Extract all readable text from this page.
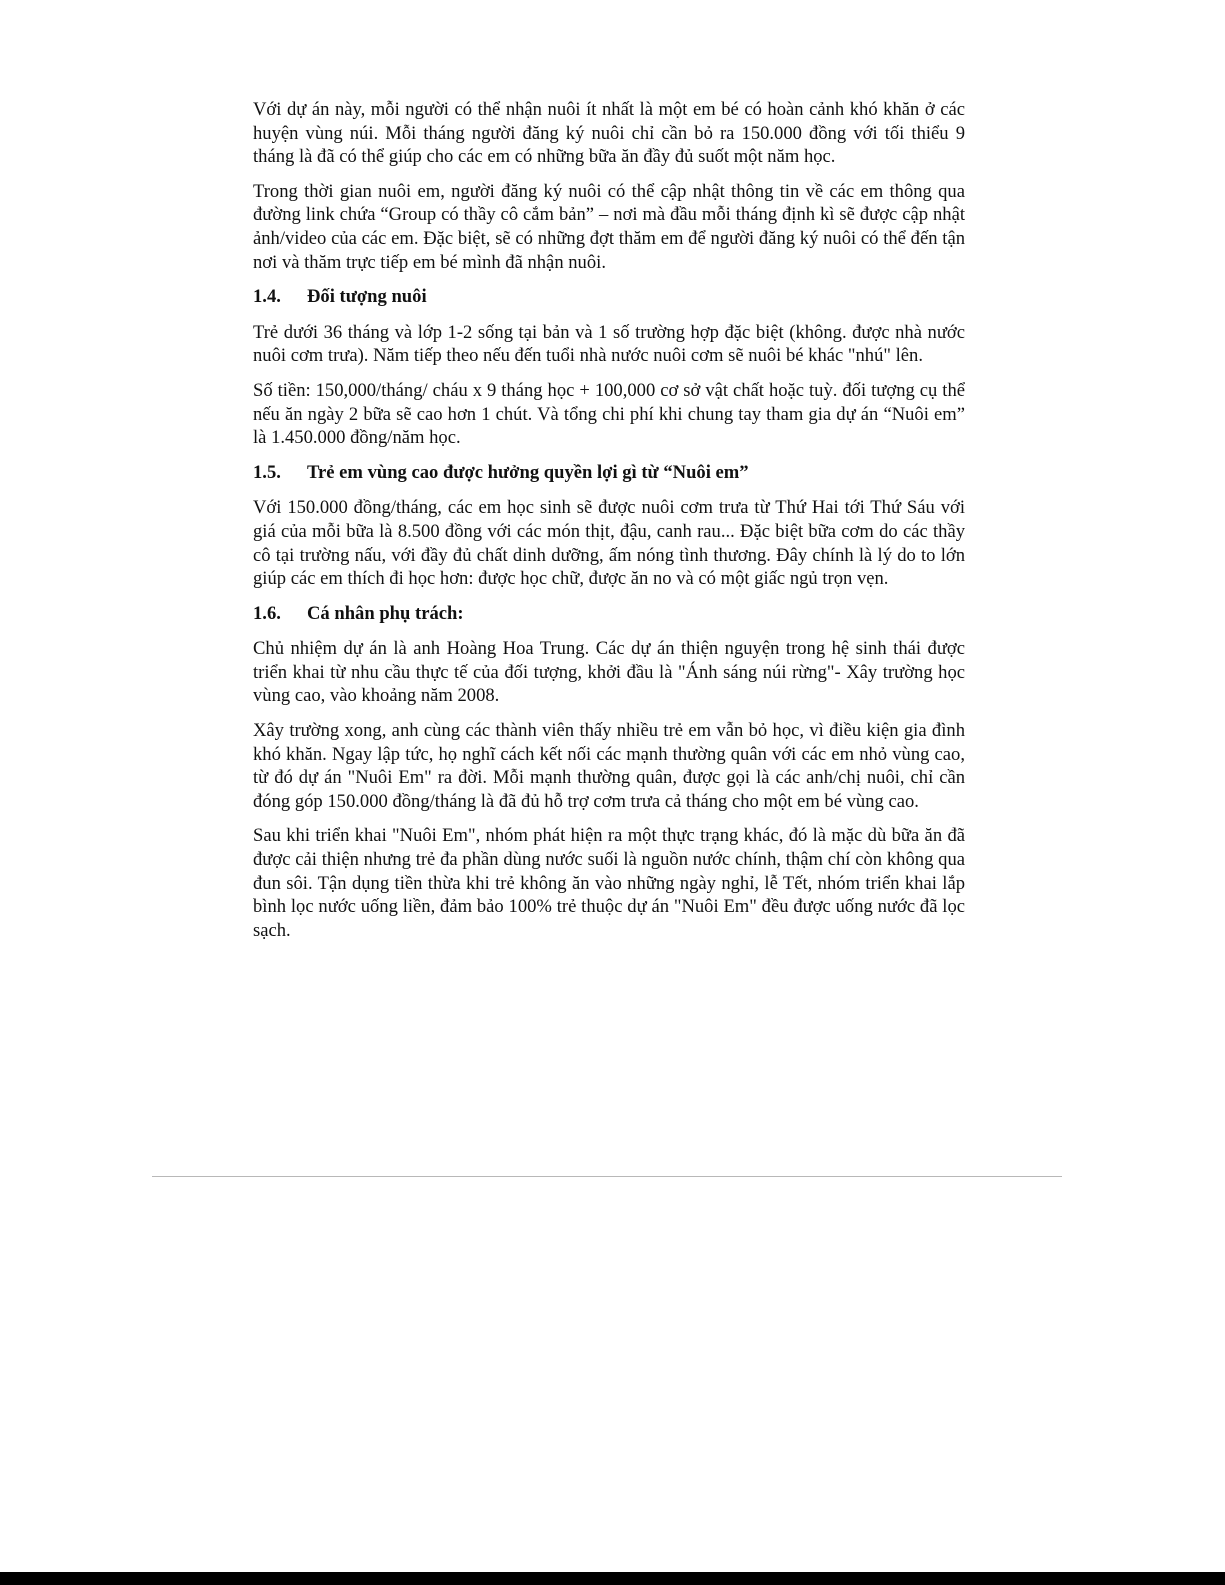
Với dự án này, mỗi người có thể nhận nuôi ít nhất là một em bé có hoàn cảnh khó khăn ở các huyện vùng núi. Mỗi tháng người đăng ký nuôi chỉ cần bỏ ra 150.000 đồng với tối thiểu 9 tháng là đã có thể giúp cho các em có những bữa ăn đầy đủ suốt một năm học.

Trong thời gian nuôi em, người đăng ký nuôi có thể cập nhật thông tin về các em thông qua đường link chứa “Group có thầy cô cắm bản” – nơi mà đầu mỗi tháng định kì sẽ được cập nhật ảnh/video của các em. Đặc biệt, sẽ có những đợt thăm em để người đăng ký nuôi có thể đến tận nơi và thăm trực tiếp em bé mình đã nhận nuôi.

1.4.	Đối tượng nuôi

Trẻ dưới 36 tháng và lớp 1-2 sống tại bản và 1 số trường hợp đặc biệt (không. được nhà nước nuôi cơm trưa). Năm tiếp theo nếu đến tuổi nhà nước nuôi cơm sẽ nuôi bé khác "nhú" lên.

Số tiền: 150,000/tháng/ cháu x 9 tháng học + 100,000 cơ sở vật chất hoặc tuỳ. đối tượng cụ thể nếu ăn ngày 2 bữa sẽ cao hơn 1 chút. Và tổng chi phí khi chung tay tham gia dự án “Nuôi em” là 1.450.000 đồng/năm học.

1.5.	Trẻ em vùng cao được hưởng quyền lợi gì từ “Nuôi em”

Với 150.000 đồng/tháng, các em học sinh sẽ được nuôi cơm trưa từ Thứ Hai tới Thứ Sáu với giá của mỗi bữa là 8.500 đồng với các món thịt, đậu, canh rau... Đặc biệt bữa cơm do các thầy cô tại trường nấu, với đầy đủ chất dinh dưỡng, ấm nóng tình thương. Đây chính là lý do to lớn giúp các em thích đi học hơn: được học chữ, được ăn no và có một giấc ngủ trọn vẹn.

1.6.	Cá nhân phụ trách:

Chủ nhiệm dự án là anh Hoàng Hoa Trung. Các dự án thiện nguyện trong hệ sinh thái được triển khai từ nhu cầu thực tế của đối tượng, khởi đầu là "Ánh sáng núi rừng"- Xây trường học vùng cao, vào khoảng năm 2008.

Xây trường xong, anh cùng các thành viên thấy nhiều trẻ em vẫn bỏ học, vì điều kiện gia đình khó khăn. Ngay lập tức, họ nghĩ cách kết nối các mạnh thường quân với các em nhỏ vùng cao, từ đó dự án "Nuôi Em" ra đời. Mỗi mạnh thường quân, được gọi là các anh/chị nuôi, chỉ cần đóng góp 150.000 đồng/tháng là đã đủ hỗ trợ cơm trưa cả tháng cho một em bé vùng cao.

Sau khi triển khai "Nuôi Em", nhóm phát hiện ra một thực trạng khác, đó là mặc dù bữa ăn đã được cải thiện nhưng trẻ đa phần dùng nước suối là nguồn nước chính, thậm chí còn không qua đun sôi. Tận dụng tiền thừa khi trẻ không ăn vào những ngày nghỉ, lễ Tết, nhóm triển khai lắp bình lọc nước uống liền, đảm bảo 100% trẻ thuộc dự án "Nuôi Em" đều được uống nước đã lọc sạch.
